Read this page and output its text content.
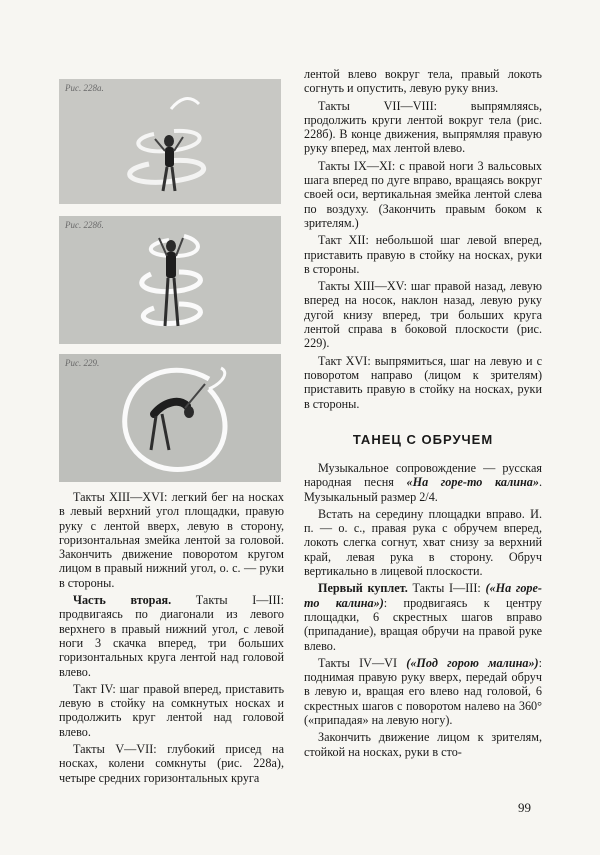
Рис. 228а.
Рис. 228б.
Рис. 229.

лентой влево вокруг тела, правый локоть согнуть и опустить, левую руку вниз.

Такты VII—VIII: выпрямляясь, продолжить круги лентой вокруг тела (рис. 228б). В конце движения, выпрямляя правую руку вперед, мах лентой влево.

Такты IX—XI: с правой ноги 3 вальсовых шага вперед по дуге вправо, вращаясь вокруг своей оси, вертикальная змейка лентой слева по воздуху. (Закончить правым боком к зрителям.)

Такт XII: небольшой шаг левой вперед, приставить правую в стойку на носках, руки в стороны.

Такты XIII—XV: шаг правой назад, левую вперед на носок, наклон назад, левую руку дугой книзу вперед, три больших круга лентой справа в боковой плоскости (рис. 229).

Такт XVI: выпрямиться, шаг на левую и с поворотом направо (лицом к зрителям) приставить правую в стойку на носках, руки в стороны.

ТАНЕЦ С ОБРУЧЕМ

Музыкальное сопровождение — русская народная песня «На горе-то калина». Музыкальный размер 2/4.

Встать на середину площадки вправо. И. п. — о. с., правая рука с обручем вперед, локоть слегка согнут, хват снизу за верхний край, левая рука в сторону. Обруч вертикально в лицевой плоскости.

Первый куплет. Такты I—III: («На горе-то калина»): продвигаясь к центру площадки, 6 скрестных шагов вправо (припадание), вращая обручи на правой руке влево.

Такты IV—VI («Под горою малина»): поднимая правую руку вверх, передай обруч в левую и, вращая его влево над головой, 6 скрестных шагов с поворотом налево на 360° («припадая» на левую ногу).

Закончить движение лицом к зрителям, стойкой на носках, руки в сто-

Такты XIII—XVI: легкий бег на носках в левый верхний угол площадки, правую руку с лентой вверх, левую в сторону, горизонтальная змейка лентой за головой. Закончить движение поворотом кругом лицом в правый нижний угол, о. с. — руки в стороны.

Часть вторая. Такты I—III: продвигаясь по диагонали из левого верхнего в правый нижний угол, с левой ноги 3 скачка вперед, три больших горизонтальных круга лентой над головой влево.

Такт IV: шаг правой вперед, приставить левую в стойку на сомкнутых носках и продолжить круг лентой над головой влево.

Такты V—VII: глубокий присед на носках, колени сомкнуты (рис. 228а), четыре средних горизонтальных круга

99
